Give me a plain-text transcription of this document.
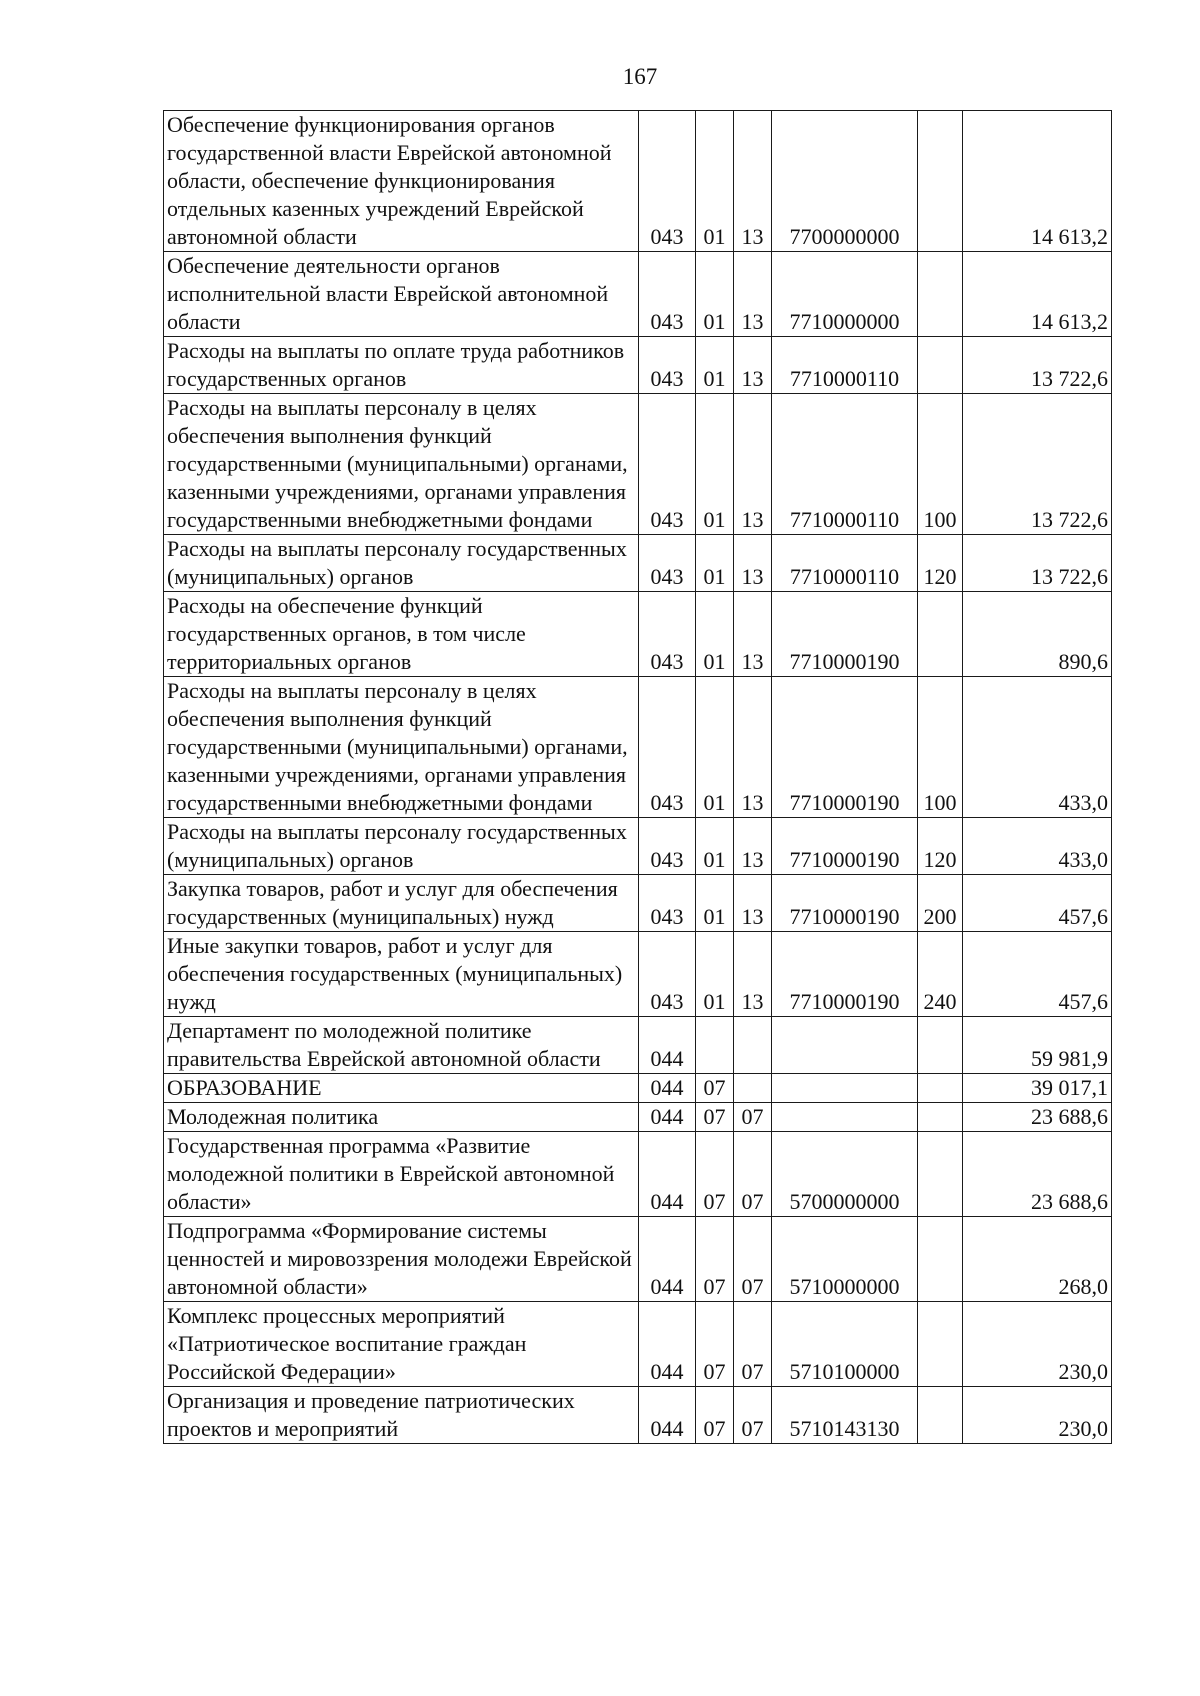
167
Обеспечение функционирования органов государственной власти Еврейской автономной области, обеспечение функционирования отдельных казенных учреждений Еврейской автономной области	043	01	13	7700000000		14 613,2
Обеспечение деятельности органов исполнительной власти Еврейской автономной области	043	01	13	7710000000		14 613,2
Расходы на выплаты по оплате труда работников государственных органов	043	01	13	7710000110		13 722,6
Расходы на выплаты персоналу в целях обеспечения выполнения функций государственными (муниципальными) органами, казенными учреждениями, органами управления государственными внебюджетными фондами	043	01	13	7710000110	100	13 722,6
Расходы на выплаты персоналу государственных (муниципальных) органов	043	01	13	7710000110	120	13 722,6
Расходы на обеспечение функций государственных органов, в том числе территориальных органов	043	01	13	7710000190		890,6
Расходы на выплаты персоналу в целях обеспечения выполнения функций государственными (муниципальными) органами, казенными учреждениями, органами управления государственными внебюджетными фондами	043	01	13	7710000190	100	433,0
Расходы на выплаты персоналу государственных (муниципальных) органов	043	01	13	7710000190	120	433,0
Закупка товаров, работ и услуг для обеспечения государственных (муниципальных) нужд	043	01	13	7710000190	200	457,6
Иные закупки товаров, работ и услуг для обеспечения государственных (муниципальных) нужд	043	01	13	7710000190	240	457,6
Департамент по молодежной политике правительства Еврейской автономной области	044					59 981,9
ОБРАЗОВАНИЕ	044	07				39 017,1
Молодежная политика	044	07	07			23 688,6
Государственная программа «Развитие молодежной политики в Еврейской автономной области»	044	07	07	5700000000		23 688,6
Подпрограмма «Формирование системы ценностей и мировоззрения молодежи Еврейской автономной области»	044	07	07	5710000000		268,0
Комплекс процессных мероприятий «Патриотическое воспитание граждан Российской Федерации»	044	07	07	5710100000		230,0
Организация и проведение патриотических проектов и мероприятий	044	07	07	5710143130		230,0
